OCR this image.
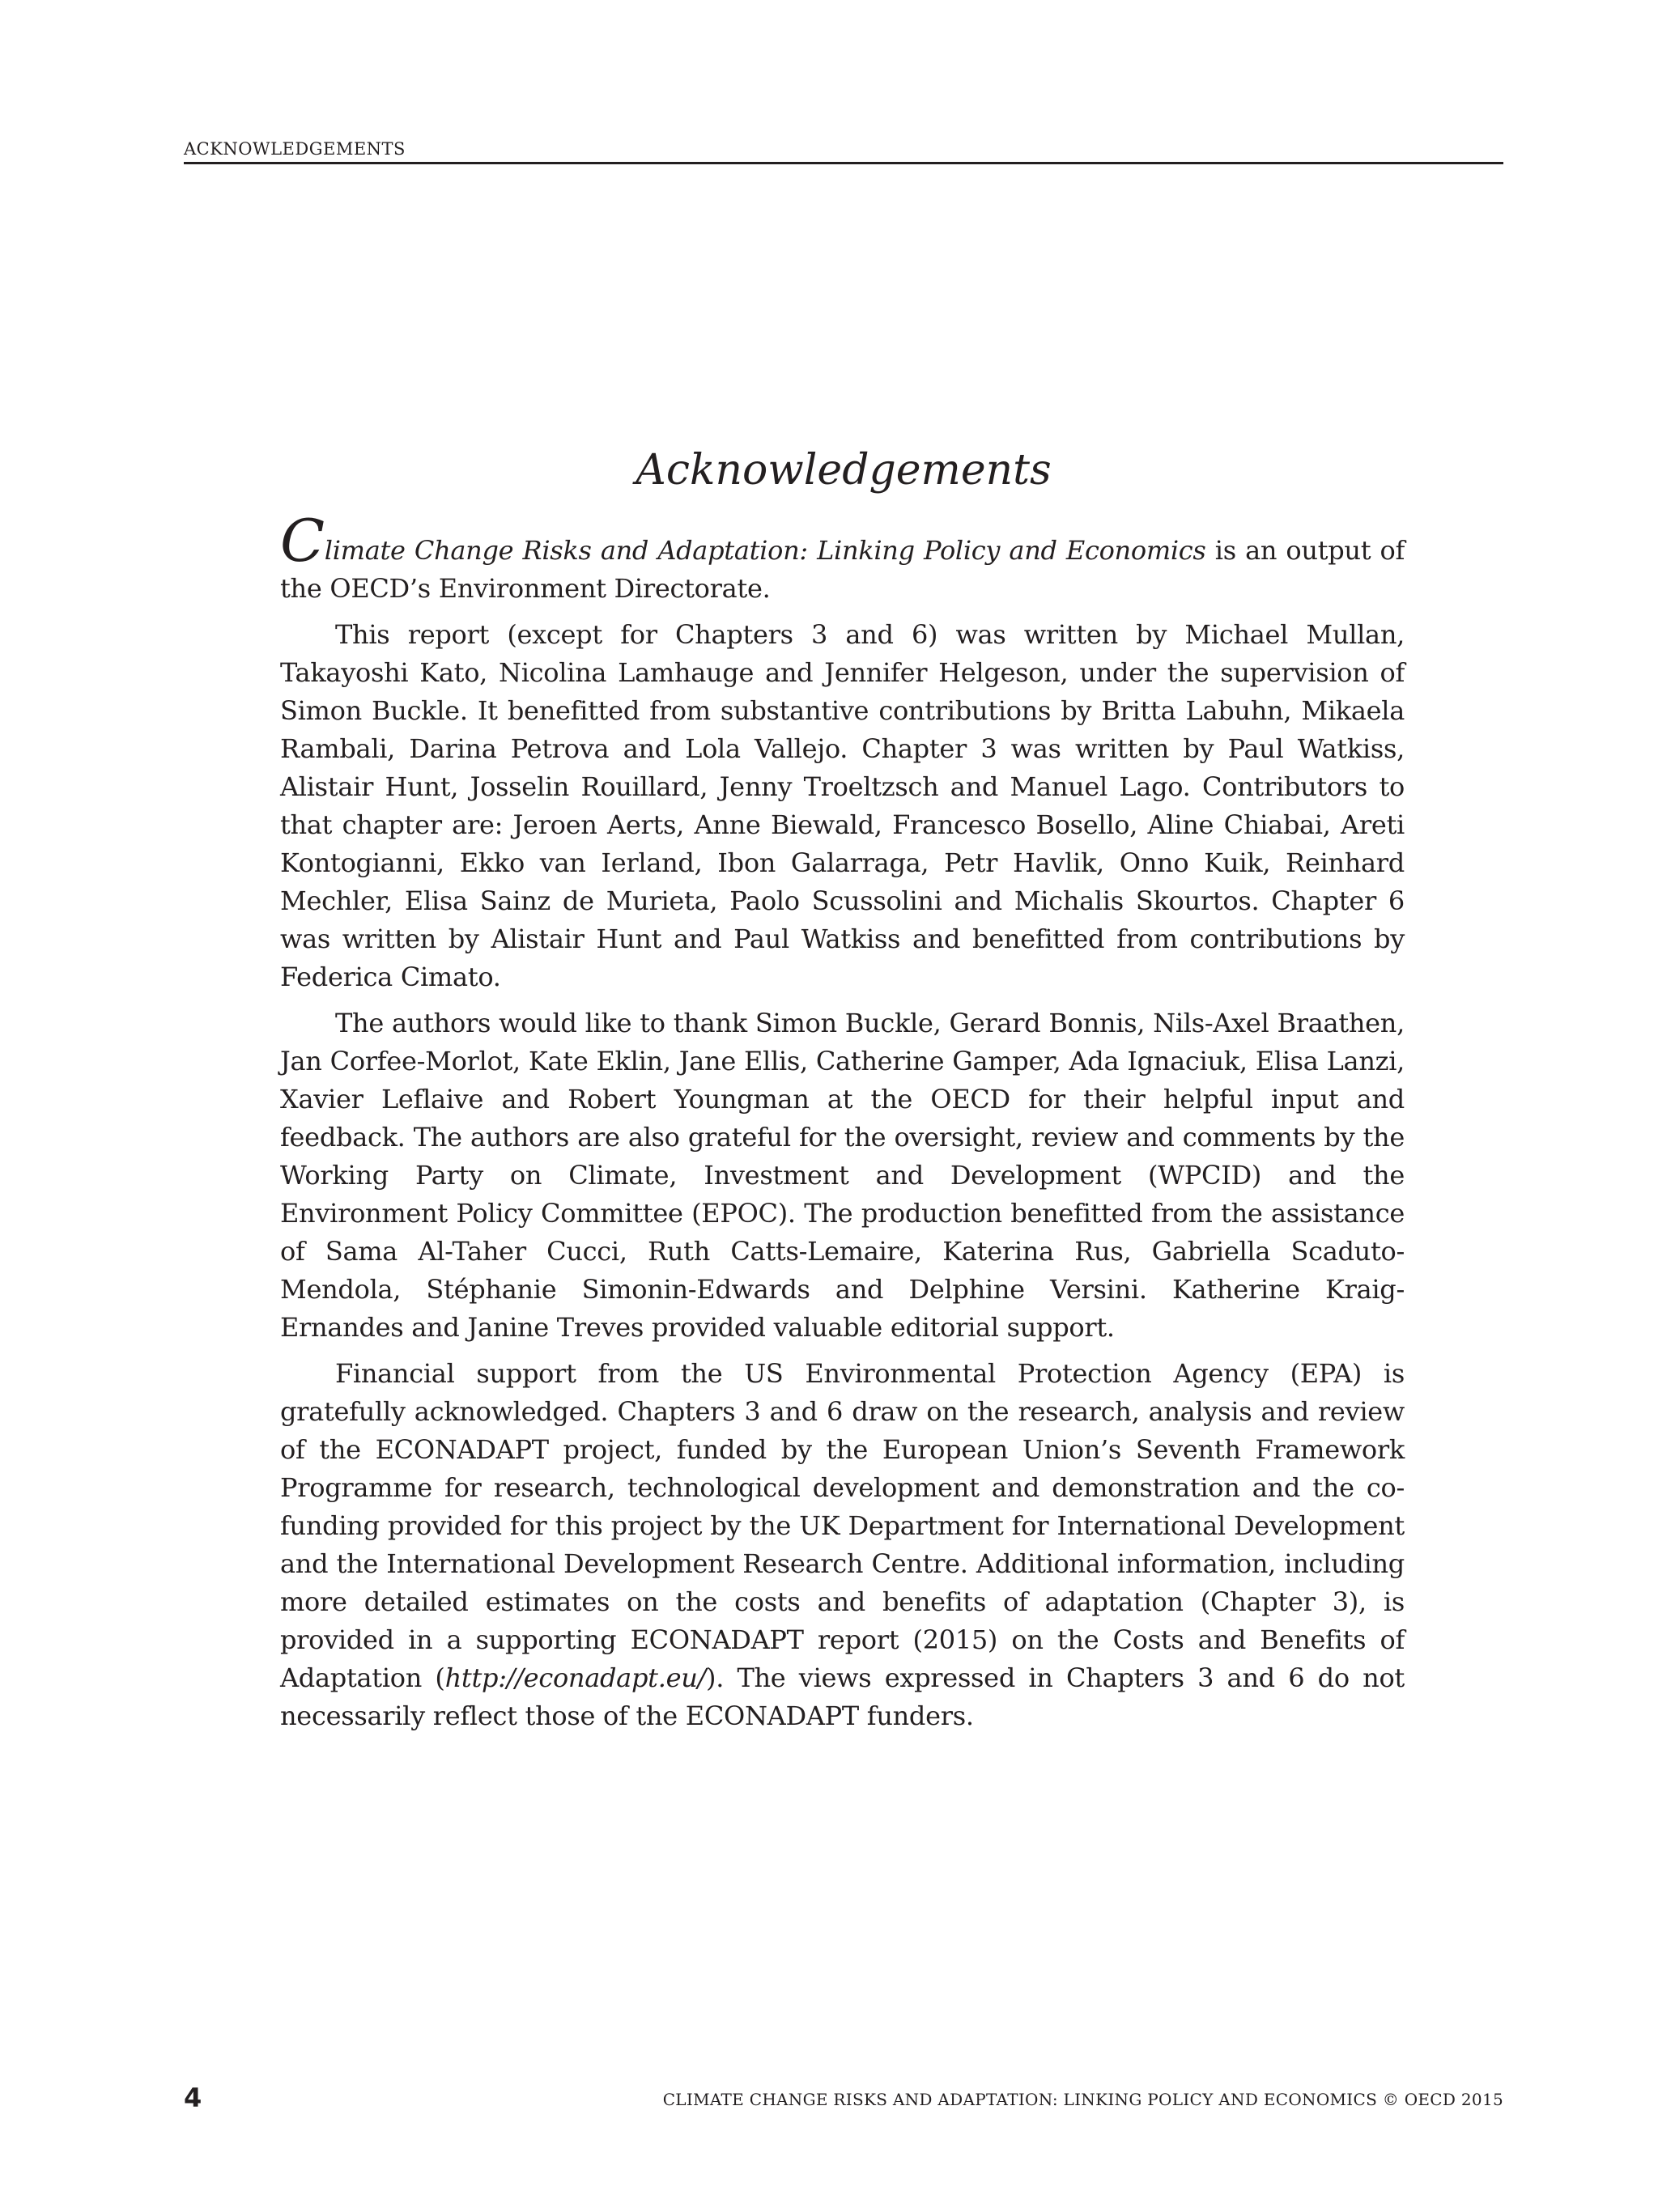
ACKNOWLEDGEMENTS
Acknowledgements

Climate Change Risks and Adaptation: Linking Policy and Economics is an output of the OECD’s Environment Directorate.

This report (except for Chapters 3 and 6) was written by Michael Mullan, Takayoshi Kato, Nicolina Lamhauge and Jennifer Helgeson, under the supervision of Simon Buckle. It benefitted from substantive contributions by Britta Labuhn, Mikaela Rambali, Darina Petrova and Lola Vallejo. Chapter 3 was written by Paul Watkiss, Alistair Hunt, Josselin Rouillard, Jenny Troeltzsch and Manuel Lago. Contributors to that chapter are: Jeroen Aerts, Anne Biewald, Francesco Bosello, Aline Chiabai, Areti Kontogianni, Ekko van Ierland, Ibon Galarraga, Petr Havlik, Onno Kuik, Reinhard Mechler, Elisa Sainz de Murieta, Paolo Scussolini and Michalis Skourtos. Chapter 6 was written by Alistair Hunt and Paul Watkiss and benefitted from contributions by Federica Cimato.

The authors would like to thank Simon Buckle, Gerard Bonnis, Nils-Axel Braathen, Jan Corfee-Morlot, Kate Eklin, Jane Ellis, Catherine Gamper, Ada Ignaciuk, Elisa Lanzi, Xavier Leflaive and Robert Youngman at the OECD for their helpful input and feedback. The authors are also grateful for the oversight, review and comments by the Working Party on Climate, Investment and Development (WPCID) and the Environment Policy Committee (EPOC). The production benefitted from the assistance of Sama Al-Taher Cucci, Ruth Catts-Lemaire, Katerina Rus, Gabriella Scaduto-Mendola, Stéphanie Simonin-Edwards and Delphine Versini. Katherine Kraig-Ernandes and Janine Treves provided valuable editorial support.

Financial support from the US Environmental Protection Agency (EPA) is gratefully acknowledged. Chapters 3 and 6 draw on the research, analysis and review of the ECONADAPT project, funded by the European Union’s Seventh Framework Programme for research, technological development and demonstration and the co-funding provided for this project by the UK Department for International Development and the International Development Research Centre. Additional information, including more detailed estimates on the costs and benefits of adaptation (Chapter 3), is provided in a supporting ECONADAPT report (2015) on the Costs and Benefits of Adaptation (http://econadapt.eu/). The views expressed in Chapters 3 and 6 do not necessarily reflect those of the ECONADAPT funders.

4	CLIMATE CHANGE RISKS AND ADAPTATION: LINKING POLICY AND ECONOMICS © OECD 2015
